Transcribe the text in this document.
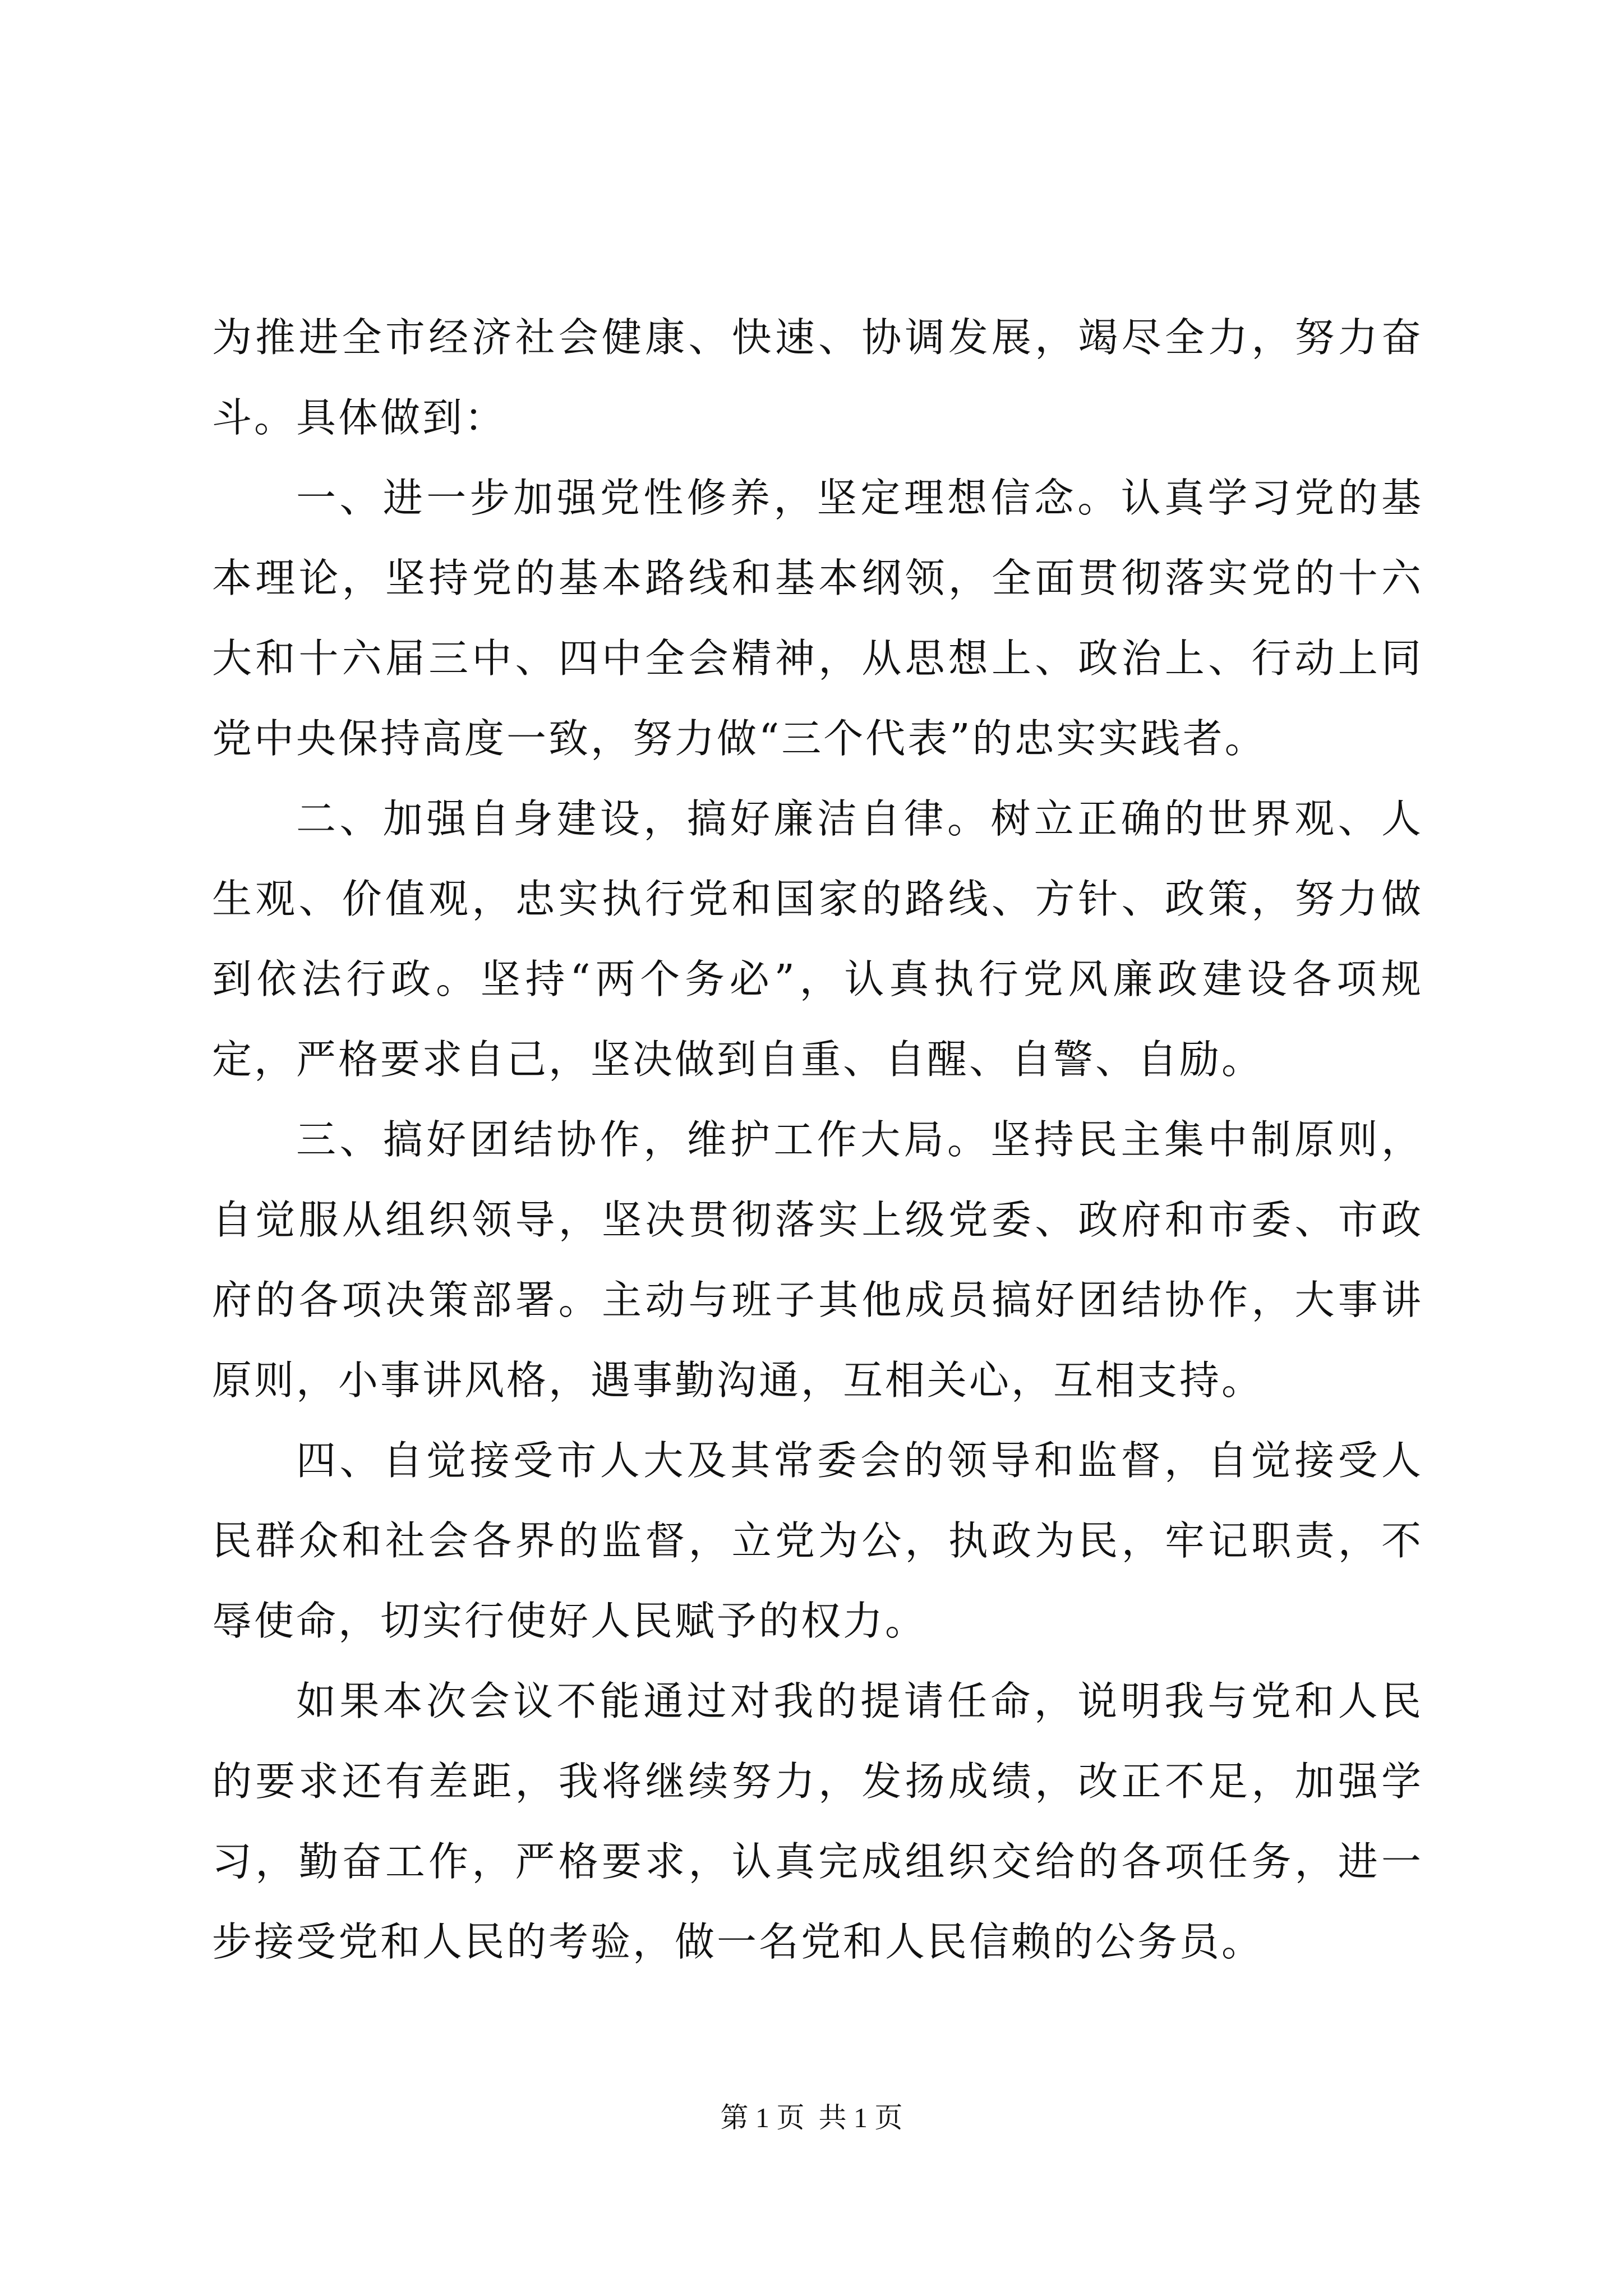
为推进全市经济社会健康、快速、协调发展，竭尽全力，努力奋斗。具体做到：

一、进一步加强党性修养，坚定理想信念。认真学习党的基本理论，坚持党的基本路线和基本纲领，全面贯彻落实党的十六大和十六届三中、四中全会精神，从思想上、政治上、行动上同党中央保持高度一致，努力做“三个代表”的忠实实践者。

二、加强自身建设，搞好廉洁自律。树立正确的世界观、人生观、价值观，忠实执行党和国家的路线、方针、政策，努力做到依法行政。坚持“两个务必”，认真执行党风廉政建设各项规定，严格要求自己，坚决做到自重、自醒、自警、自励。

三、搞好团结协作，维护工作大局。坚持民主集中制原则，自觉服从组织领导，坚决贯彻落实上级党委、政府和市委、市政府的各项决策部署。主动与班子其他成员搞好团结协作，大事讲原则，小事讲风格，遇事勤沟通，互相关心，互相支持。

四、自觉接受市人大及其常委会的领导和监督，自觉接受人民群众和社会各界的监督，立党为公，执政为民，牢记职责，不辱使命，切实行使好人民赋予的权力。

如果本次会议不能通过对我的提请任命，说明我与党和人民的要求还有差距，我将继续努力，发扬成绩，改正不足，加强学习，勤奋工作，严格要求，认真完成组织交给的各项任务，进一步接受党和人民的考验，做一名党和人民信赖的公务员。

第 1 页  共 1 页
